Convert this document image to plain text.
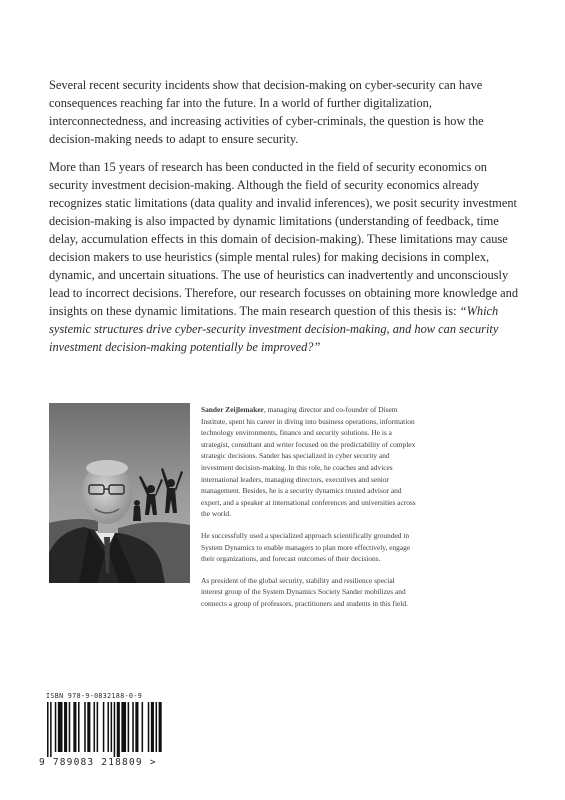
Several recent security incidents show that decision-making on cyber-security can have consequences reaching far into the future. In a world of further digitalization, interconnectedness, and increasing activities of cyber-criminals, the question is how the decision-making needs to adapt to ensure security.

More than 15 years of research has been conducted in the field of security economics on security investment decision-making. Although the field of security economics already recognizes static limitations (data quality and invalid inferences), we posit security investment decision-making is also impacted by dynamic limitations (understanding of feedback, time delay, accumulation effects in this domain of decision-making). These limitations may cause decision makers to use heuristics (simple mental rules) for making decisions in complex, dynamic, and uncertain situations. The use of heuristics can inadvertently and unconsciously lead to incorrect decisions. Therefore, our research focusses on obtaining more knowledge and insights on these dynamic limitations. The main research question of this thesis is: “Which systemic structures drive cyber-security investment decision-making, and how can security investment decision-making potentially be improved?”

Sander Zeijlemaker, managing director and co-founder of Disem Institute, spent his career in diving into business operations, information technology environments, finance and security solutions. He is a strategist, consultant and writer focused on the predictability of complex strategic decisions. Sander has specialized in cyber security and investment decision-making. In this role, he coaches and advices international leaders, managing directors, executives and senior management. Besides, he is a security dynamics trusted advisor and expert, and a speaker at international conferences and universities across the world.

He successfully used a specialized approach scientifically grounded in System Dynamics to enable managers to plan more effectively, engage their organizations, and forecast outcomes of their decisions.

As president of the global security, stability and resilience special interest group of the System Dynamics Society Sander mobilizes and connects a group of professors, practitioners and students in this field.

ISBN 978-9-0832188-0-9
9 789083 218809 >
